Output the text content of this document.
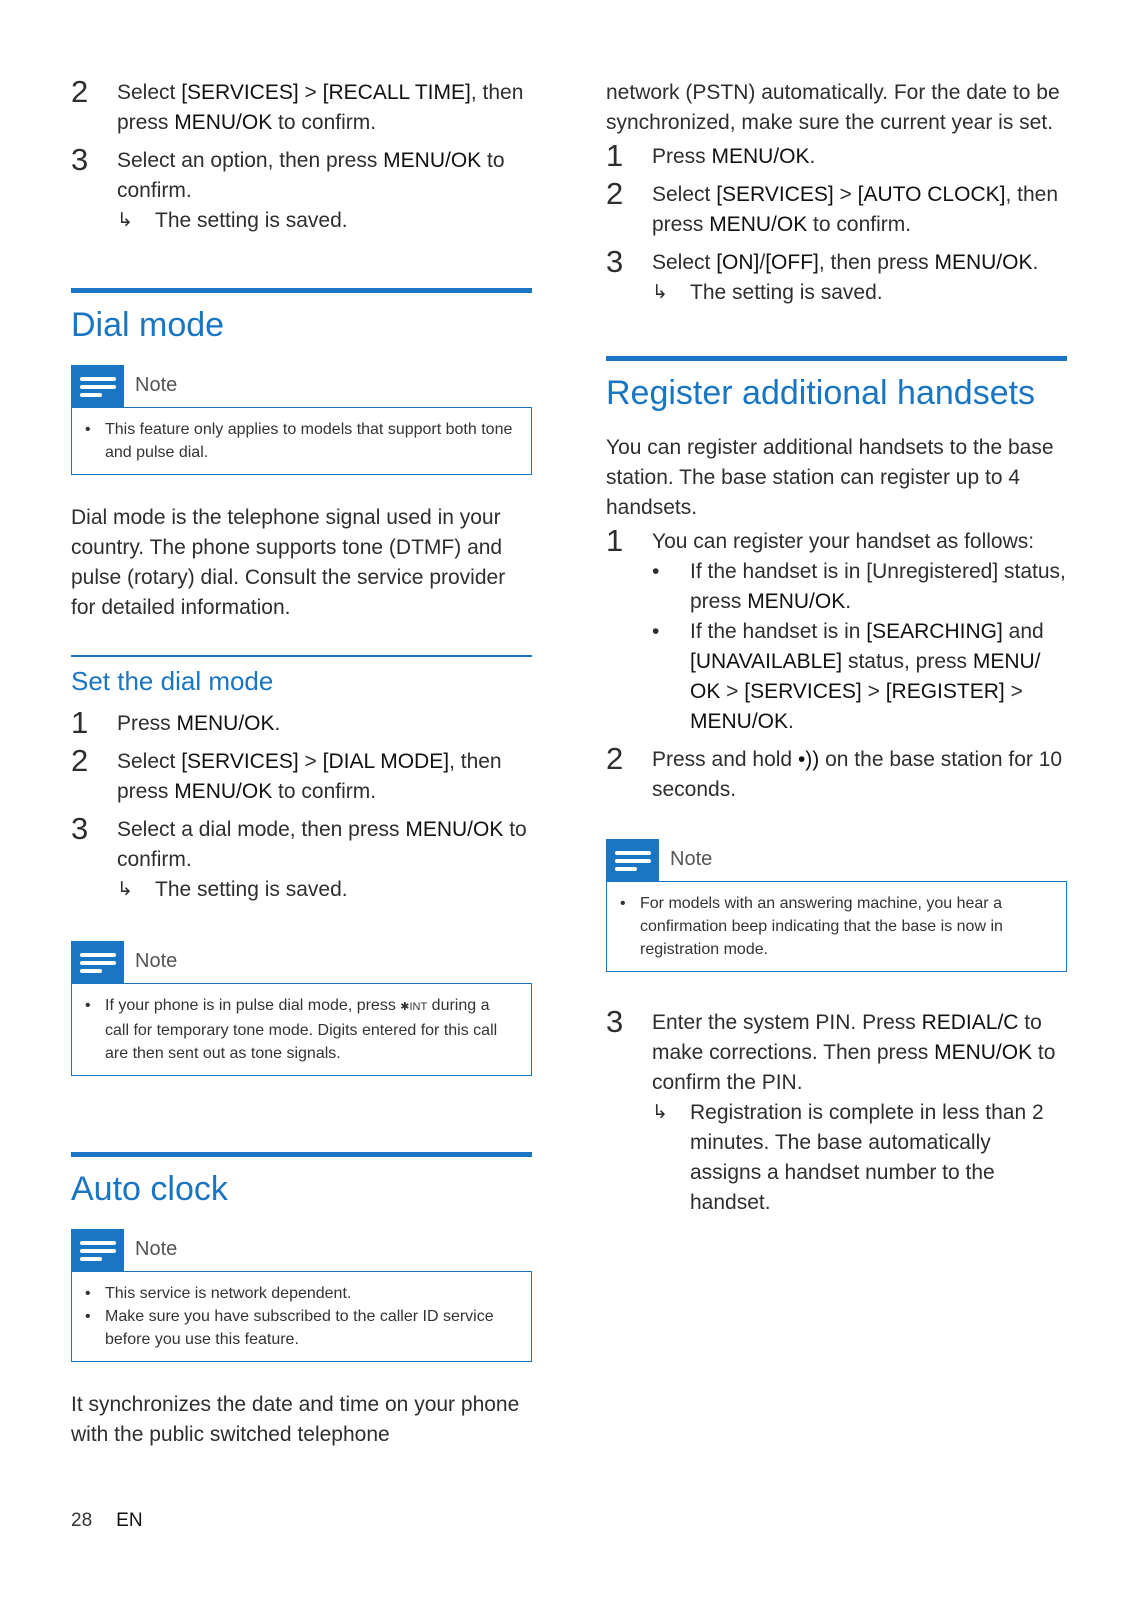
2 Select [SERVICES] > [RECALL TIME], then press MENU/OK to confirm.
3 Select an option, then press MENU/OK to confirm.
↳ The setting is saved.
Dial mode
Note
• This feature only applies to models that support both tone and pulse dial.

Dial mode is the telephone signal used in your country. The phone supports tone (DTMF) and pulse (rotary) dial. Consult the service provider for detailed information.

Set the dial mode
1 Press MENU/OK.
2 Select [SERVICES] > [DIAL MODE], then press MENU/OK to confirm.
3 Select a dial mode, then press MENU/OK to confirm.
↳ The setting is saved.
Note
• If your phone is in pulse dial mode, press ✱INT during a call for temporary tone mode. Digits entered for this call are then sent out as tone signals.
Auto clock
Note
• This service is network dependent.
• Make sure you have subscribed to the caller ID service before you use this feature.

It synchronizes the date and time on your phone with the public switched telephone

network (PSTN) automatically. For the date to be synchronized, make sure the current year is set.

1 Press MENU/OK.
2 Select [SERVICES] > [AUTO CLOCK], then press MENU/OK to confirm.
3 Select [ON]/[OFF], then press MENU/OK.
↳ The setting is saved.
Register additional handsets

You can register additional handsets to the base station. The base station can register up to 4 handsets.

1 You can register your handset as follows:
• If the handset is in [Unregistered] status, press MENU/OK.
• If the handset is in [SEARCHING] and [UNAVAILABLE] status, press MENU/ OK > [SERVICES] > [REGISTER] > MENU/OK.
2 Press and hold •)) on the base station for 10 seconds.
Note
• For models with an answering machine, you hear a confirmation beep indicating that the base is now in registration mode.
3 Enter the system PIN. Press REDIAL/C to make corrections. Then press MENU/OK to confirm the PIN.
↳ Registration is complete in less than 2 minutes. The base automatically assigns a handset number to the handset.
28 EN
